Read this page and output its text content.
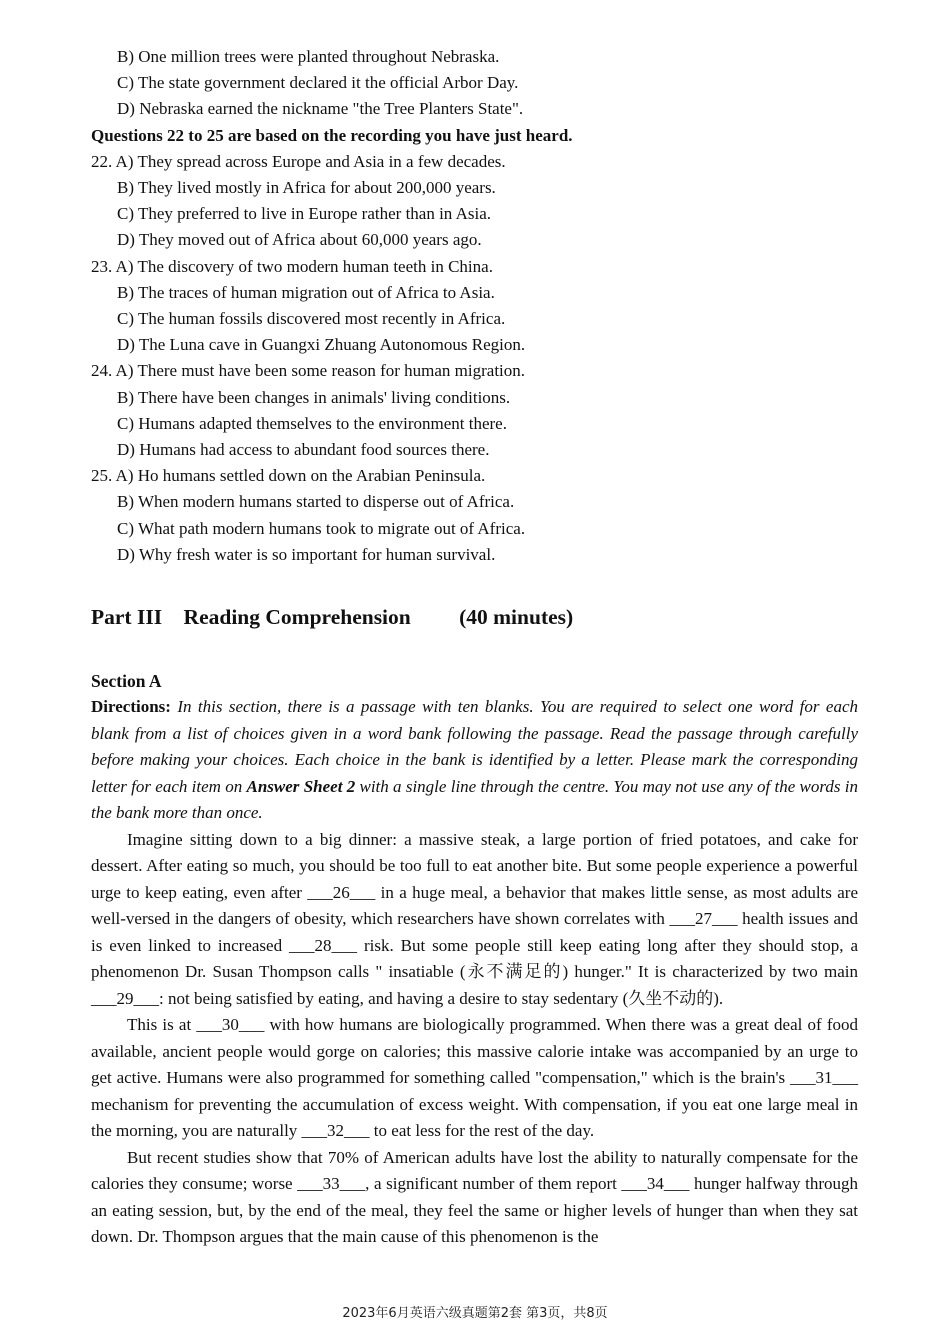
B) One million trees were planted throughout Nebraska.
C) The state government declared it the official Arbor Day.
D) Nebraska earned the nickname "the Tree Planters State".
Questions 22 to 25 are based on the recording you have just heard.
22. A) They spread across Europe and Asia in a few decades.
B) They lived mostly in Africa for about 200,000 years.
C) They preferred to live in Europe rather than in Asia.
D) They moved out of Africa about 60,000 years ago.
23. A) The discovery of two modern human teeth in China.
B) The traces of human migration out of Africa to Asia.
C) The human fossils discovered most recently in Africa.
D) The Luna cave in Guangxi Zhuang Autonomous Region.
24. A) There must have been some reason for human migration.
B) There have been changes in animals' living conditions.
C) Humans adapted themselves to the environment there.
D) Humans had access to abundant food sources there.
25. A) Ho humans settled down on the Arabian Peninsula.
B) When modern humans started to disperse out of Africa.
C) What path modern humans took to migrate out of Africa.
D) Why fresh water is so important for human survival.
Part III    Reading Comprehension         (40 minutes)
Section A
Directions: In this section, there is a passage with ten blanks. You are required to select one word for each blank from a list of choices given in a word bank following the passage. Read the passage through carefully before making your choices. Each choice in the bank is identified by a letter. Please mark the corresponding letter for each item on Answer Sheet 2 with a single line through the centre. You may not use any of the words in the bank more than once.
Imagine sitting down to a big dinner: a massive steak, a large portion of fried potatoes, and cake for dessert. After eating so much, you should be too full to eat another bite. But some people experience a powerful urge to keep eating, even after ___26___ in a huge meal, a behavior that makes little sense, as most adults are well-versed in the dangers of obesity, which researchers have shown correlates with ___27___ health issues and is even linked to increased ___28___ risk. But some people still keep eating long after they should stop, a phenomenon Dr. Susan Thompson calls " insatiable (永不满足的) hunger." It is characterized by two main ___29___: not being satisfied by eating, and having a desire to stay sedentary (久坐不动的).
This is at ___30___ with how humans are biologically programmed. When there was a great deal of food available, ancient people would gorge on calories; this massive calorie intake was accompanied by an urge to get active. Humans were also programmed for something called "compensation," which is the brain's ___31___ mechanism for preventing the accumulation of excess weight. With compensation, if you eat one large meal in the morning, you are naturally ___32___ to eat less for the rest of the day.
But recent studies show that 70% of American adults have lost the ability to naturally compensate for the calories they consume; worse ___33___, a significant number of them report ___34___ hunger halfway through an eating session, but, by the end of the meal, they feel the same or higher levels of hunger than when they sat down. Dr. Thompson argues that the main cause of this phenomenon is the
2023年6月英语六级真题第2套 第3页，共8页
